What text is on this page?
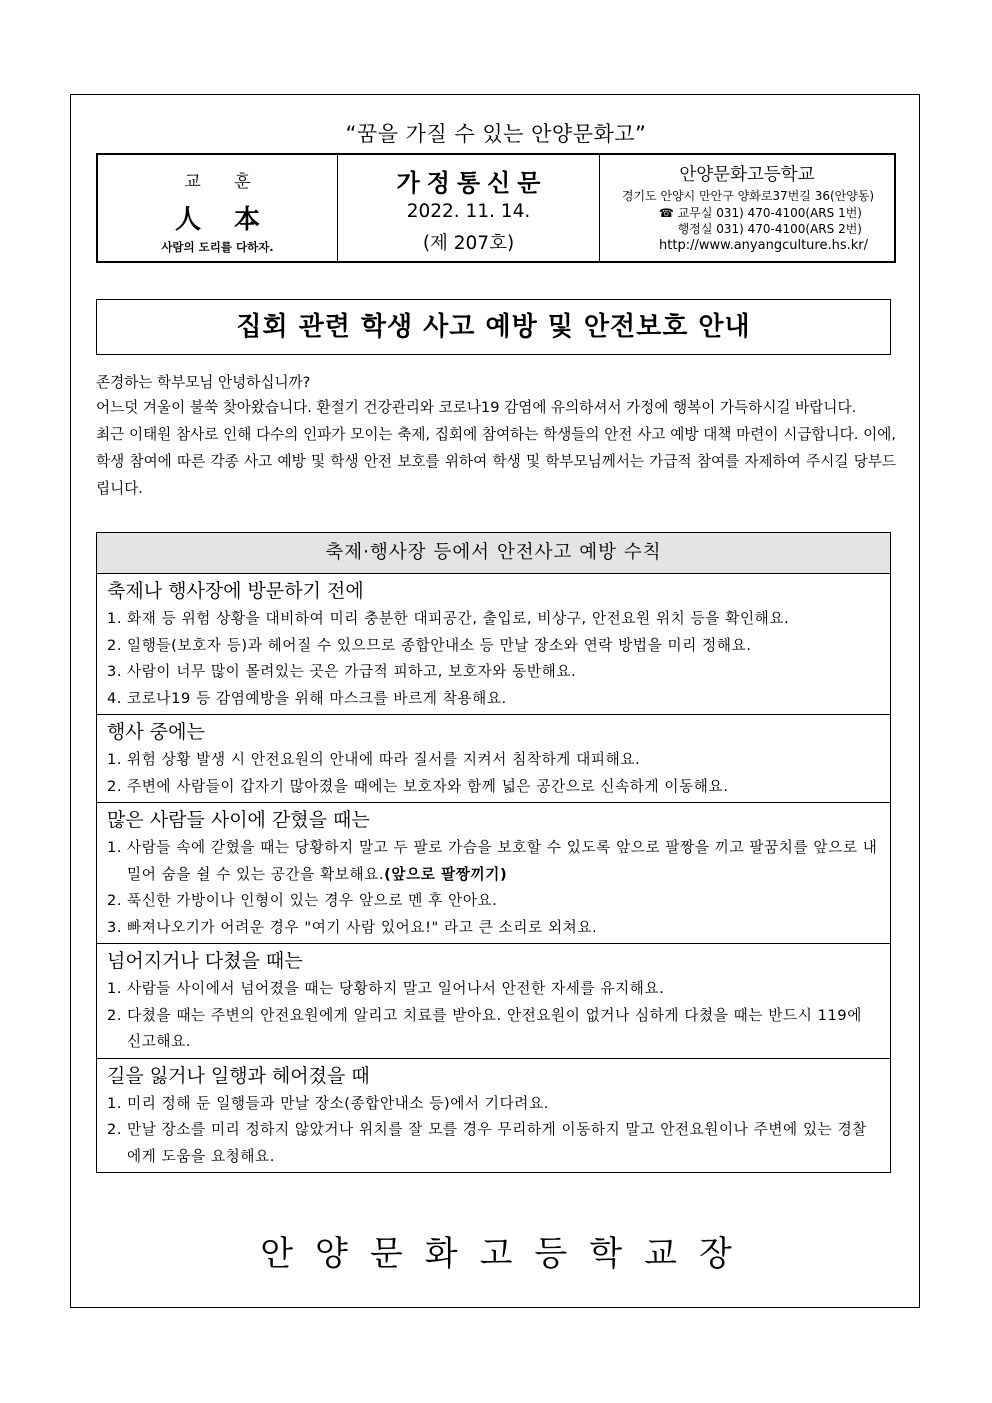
“꿈을 가질 수 있는 안양문화고”
교 훈
人 本
사람의 도리를 다하자.
가정통신문
2022. 11. 14.
(제 207호)
안양문화고등학교
경기도 안양시 만안구 양화로37번길 36(안양동)
☎ 교무실 031) 470-4100(ARS 1번)
행정실 031) 470-4100(ARS 2번)
http://www.anyangculture.hs.kr/
집회 관련 학생 사고 예방 및 안전보호 안내

존경하는 학부모님 안녕하십니까?

어느덧 겨울이 불쑥 찾아왔습니다. 환절기 건강관리와 코로나19 감염에 유의하셔서 가정에 행복이 가득하시길 바랍니다.

최근 이태원 참사로 인해 다수의 인파가 모이는 축제, 집회에 참여하는 학생들의 안전 사고 예방 대책 마련이 시급합니다. 이에, 학생 참여에 따른 각종 사고 예방 및 학생 안전 보호를 위하여 학생 및 학부모님께서는 가급적 참여를 자제하여 주시길 당부드립니다.

축제·행사장 등에서 안전사고 예방 수칙
축제나 행사장에 방문하기 전에
1. 화재 등 위험 상황을 대비하여 미리 충분한 대피공간, 출입로, 비상구, 안전요원 위치 등을 확인해요.
2. 일행들(보호자 등)과 헤어질 수 있으므로 종합안내소 등 만날 장소와 연락 방법을 미리 정해요.
3. 사람이 너무 많이 몰려있는 곳은 가급적 피하고, 보호자와 동반해요.
4. 코로나19 등 감염예방을 위해 마스크를 바르게 착용해요.
행사 중에는
1. 위험 상황 발생 시 안전요원의 안내에 따라 질서를 지켜서 침착하게 대피해요.
2. 주변에 사람들이 갑자기 많아졌을 때에는 보호자와 함께 넓은 공간으로 신속하게 이동해요.
많은 사람들 사이에 갇혔을 때는
1. 사람들 속에 갇혔을 때는 당황하지 말고 두 팔로 가슴을 보호할 수 있도록 앞으로 팔짱을 끼고 팔꿈치를 앞으로 내밀어 숨을 쉴 수 있는 공간을 확보해요.(앞으로 팔짱끼기)
2. 푹신한 가방이나 인형이 있는 경우 앞으로 멘 후 안아요.
3. 빠져나오기가 어려운 경우 "여기 사람 있어요!" 라고 큰 소리로 외쳐요.
넘어지거나 다쳤을 때는
1. 사람들 사이에서 넘어졌을 때는 당황하지 말고 일어나서 안전한 자세를 유지해요.
2. 다쳤을 때는 주변의 안전요원에게 알리고 치료를 받아요. 안전요원이 없거나 심하게 다쳤을 때는 반드시 119에 신고해요.
길을 잃거나 일행과 헤어졌을 때
1. 미리 정해 둔 일행들과 만날 장소(종합안내소 등)에서 기다려요.
2. 만날 장소를 미리 정하지 않았거나 위치를 잘 모를 경우 무리하게 이동하지 말고 안전요원이나 주변에 있는 경찰에게 도움을 요청해요.
안양문화고등학교장
